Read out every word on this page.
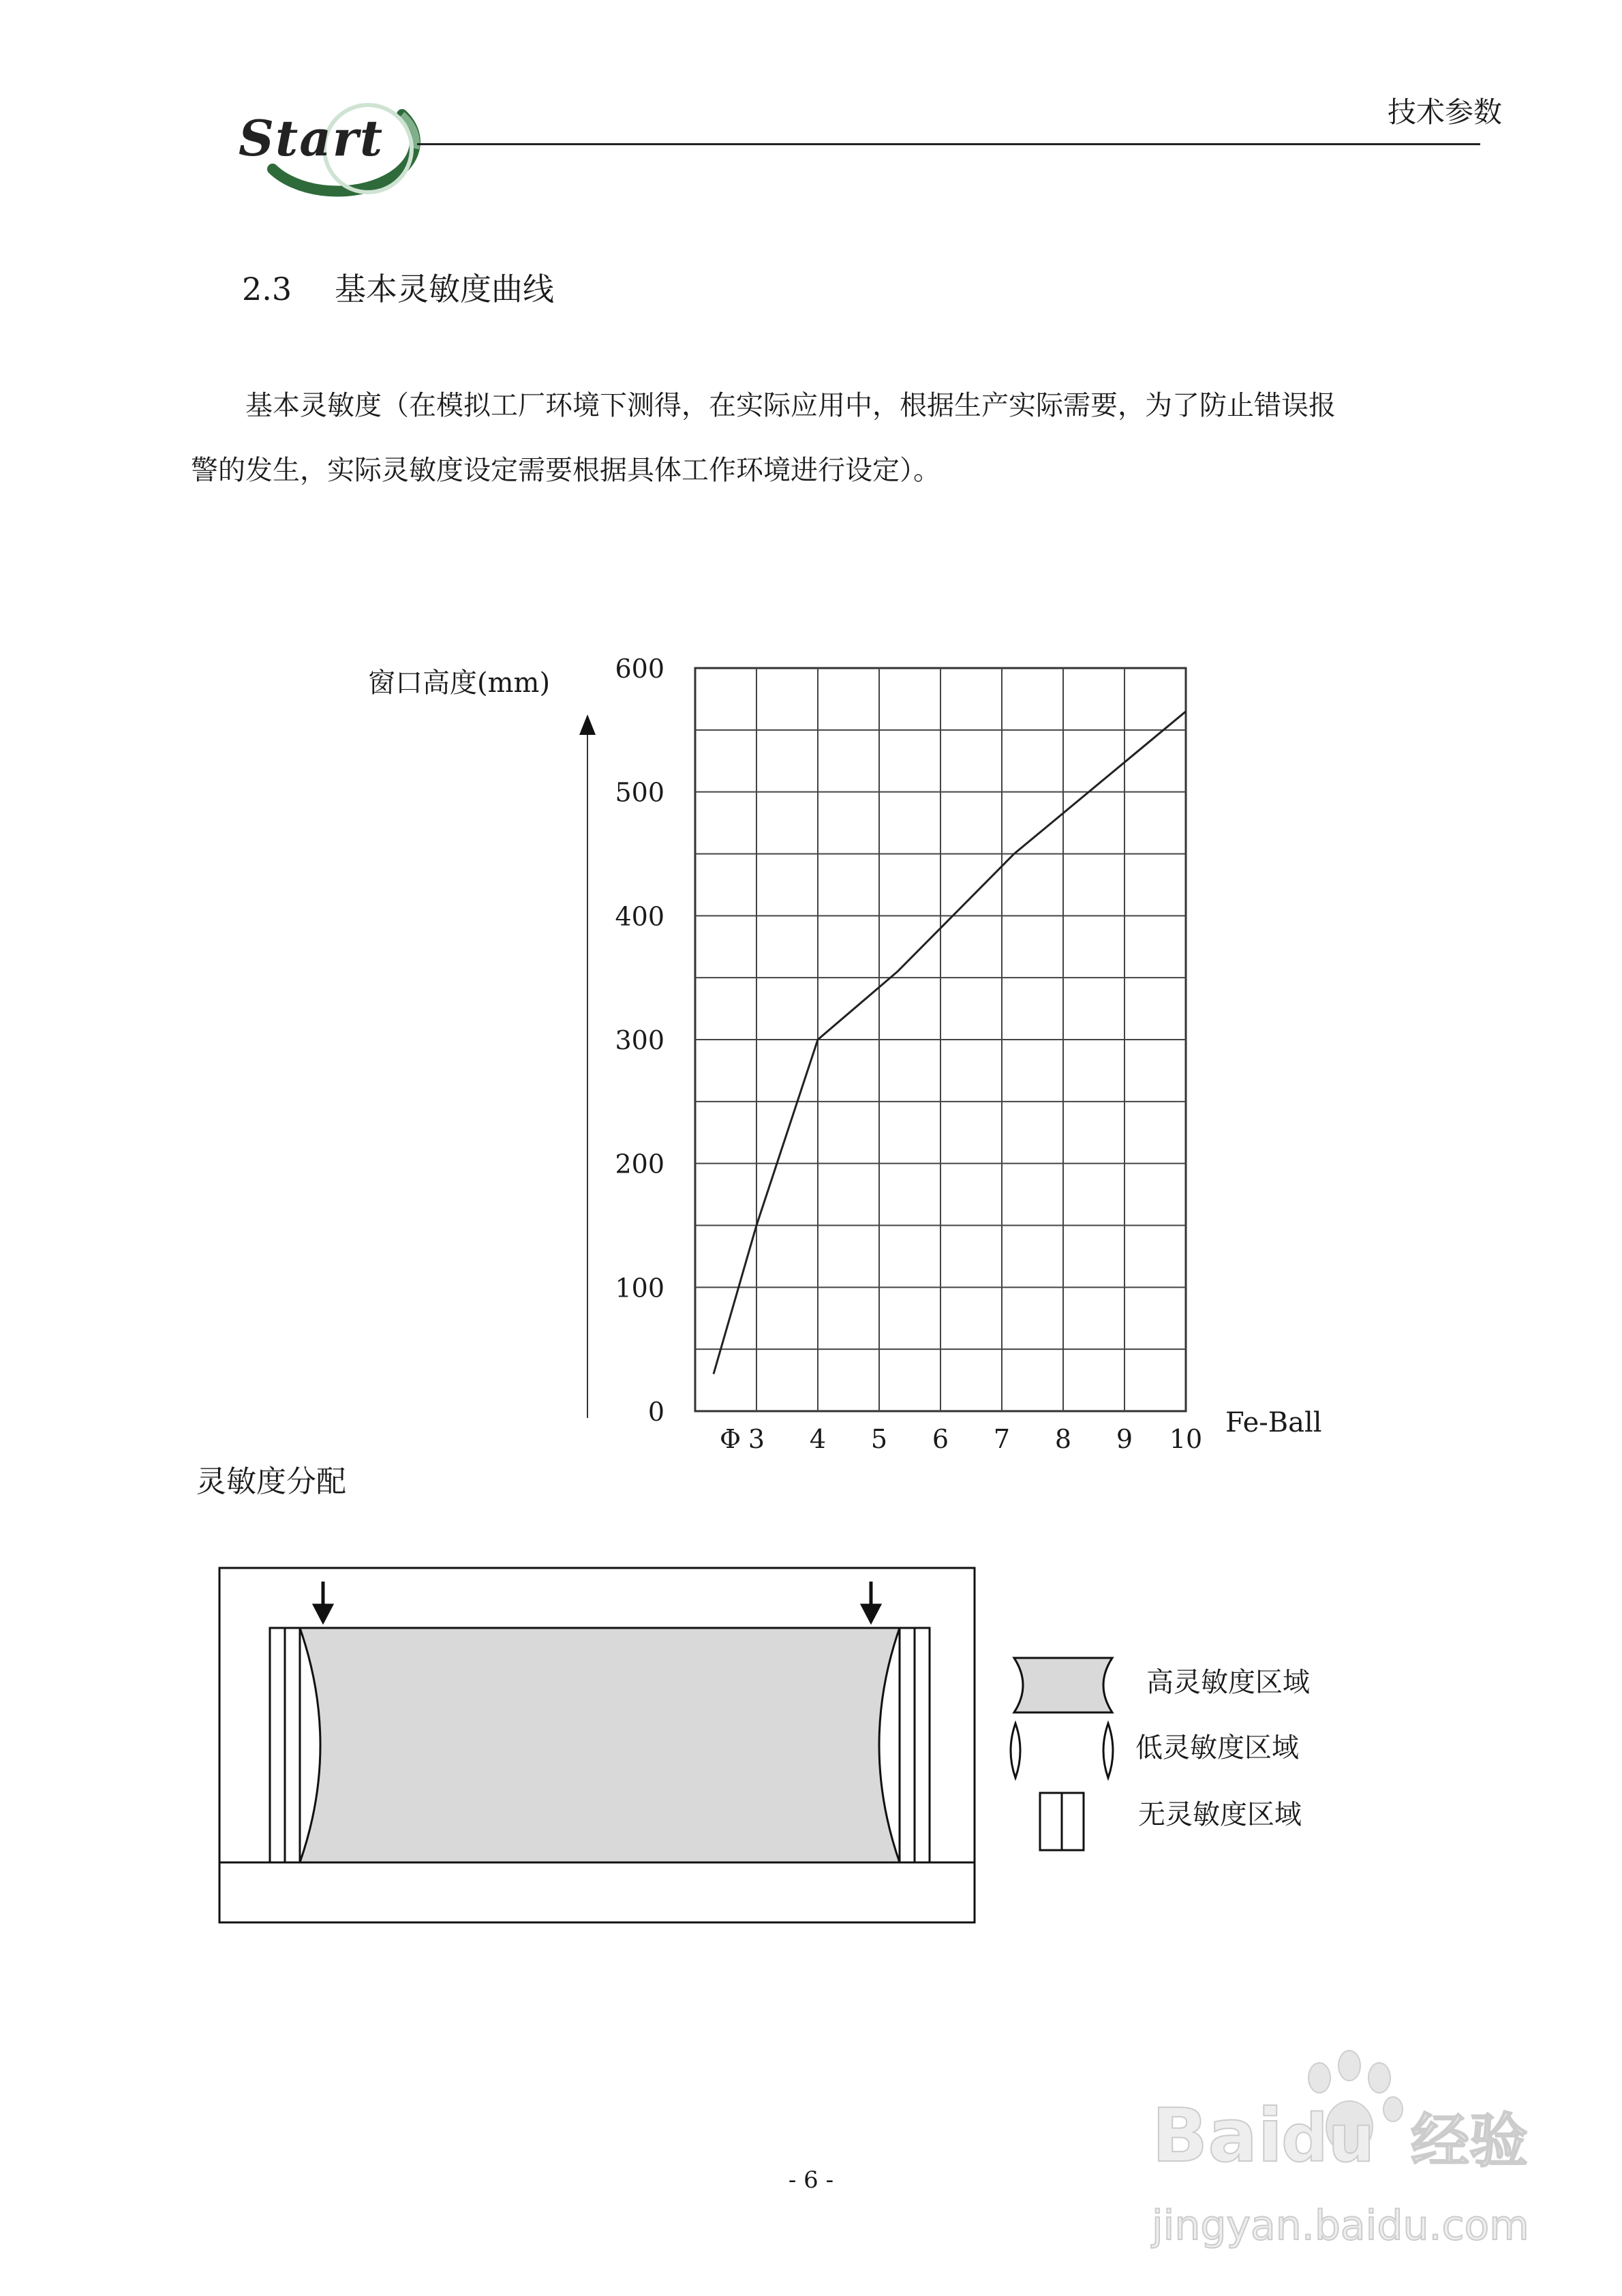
Start	技术参数
2.3 基本灵敏度曲线
基本灵敏度（在模拟工厂环境下测得，在实际应用中，根据生产实际需要，为了防止错误报
警的发生，实际灵敏度设定需要根据具体工作环境进行设定）。
窗口高度(mm)
Fe-Ball
Φ
600
500
400
300
200
100
0
3 4 5 6 7 8 9 10
灵敏度分配
高灵敏度区域
低灵敏度区域
无灵敏度区域
- 6 -
Bai
du 经验
jingyan.baidu.com
